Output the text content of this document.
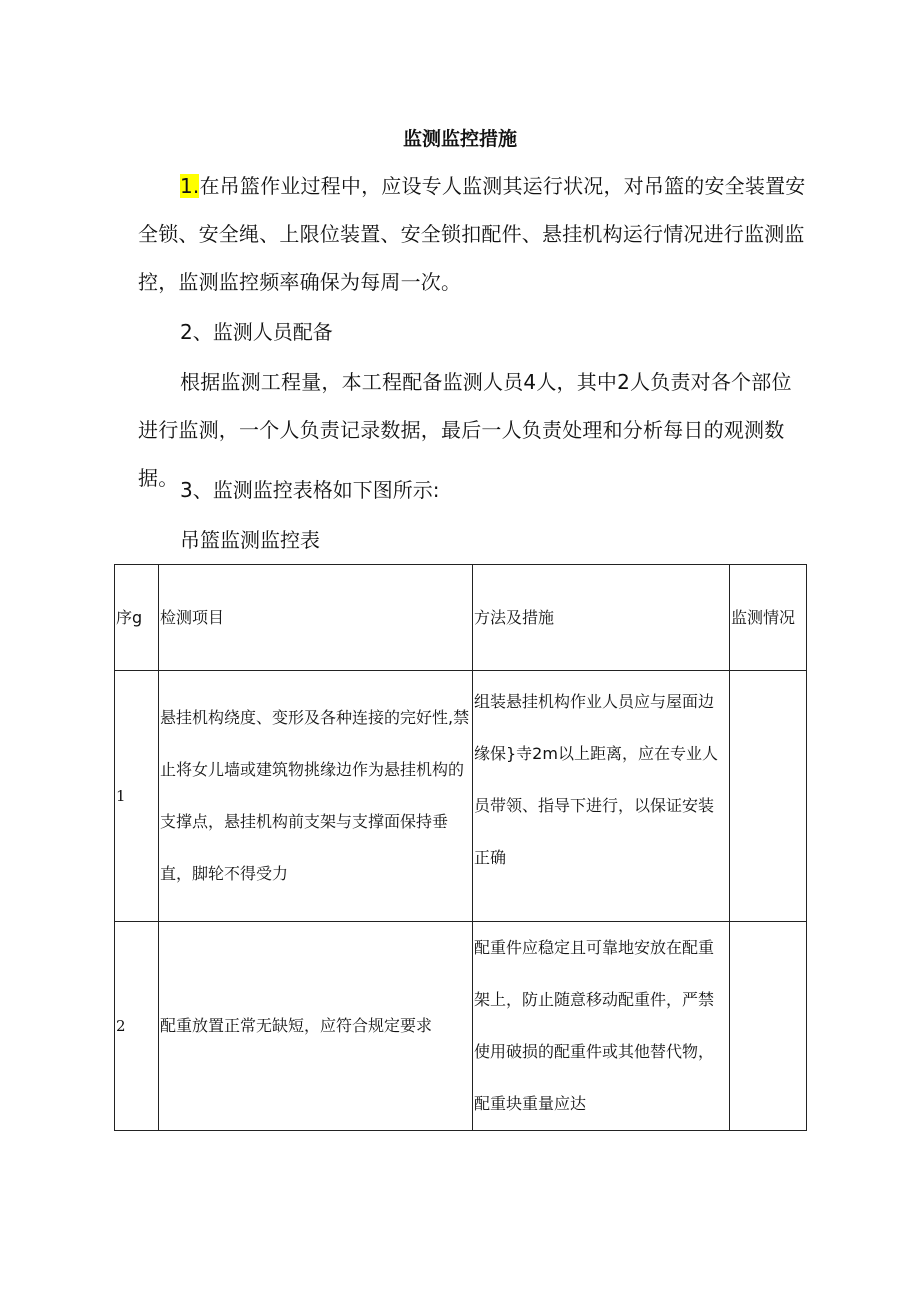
监测监控措施
1.在吊篮作业过程中，应设专人监测其运行状况，对吊篮的安全装置安全锁、安全绳、上限位装置、安全锁扣配件、悬挂机构运行情况进行监测监控，监测监控频率确保为每周一次。
2、监测人员配备
根据监测工程量，本工程配备监测人员4人，其中2人负责对各个部位进行监测，一个人负责记录数据，最后一人负责处理和分析每日的观测数据。 3、监测监控表格如下图所示:
吊篮监测监控表
序g	检测项目	方法及措施	监测情况
1	悬挂机构绕度、变形及各种连接的完好性,禁止将女儿墙或建筑物挑缘边作为悬挂机构的支撑点，悬挂机构前支架与支撑面保持垂直，脚轮不得受力	组装悬挂机构作业人员应与屋面边缘保}寺2m以上距离，应在专业人员带领、指导下进行，以保证安装正确	

2	配重放置正常无缺短，应符合规定要求	配重件应稳定且可靠地安放在配重架上，防止随意移动配重件，严禁使用破损的配重件或其他替代物，配重块重量应达	
